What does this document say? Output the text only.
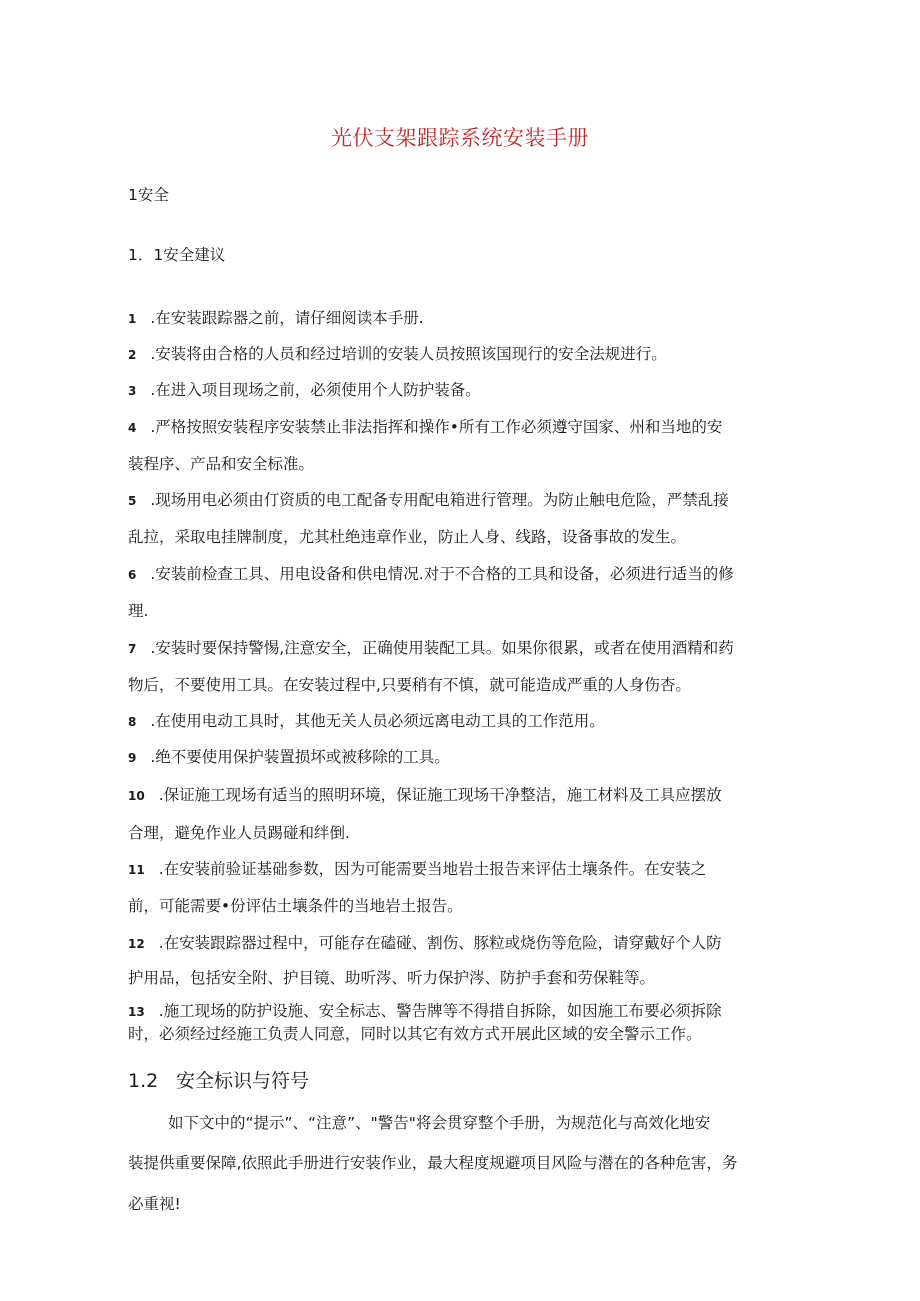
光伏支架跟踪系统安装手册
1安全
1．1安全建议

1 .在安装跟踪器之前，请仔细阅读本手册.

2 .安装将由合格的人员和经过培训的安装人员按照该国现行的安全法规进行。

3 .在进入项目现场之前，必须使用个人防护装备。

4 .严格按照安装程序安装禁止非法指挥和操作•所有工作必须遵守国家、州和当地的安

装程序、产品和安全标准。

5 .现场用电必须由仃资质的电工配备专用配电箱进行管理。为防止触电危险，严禁乱接

乱拉，采取电挂牌制度，尤其杜绝违章作业，防止人身、线路，设备事故的发生。

6 .安装前检查工具、用电设备和供电情况.对于不合格的工具和设备，必须进行适当的修

理.

7 .安装时要保持警惕,注意安全，正确使用装配工具。如果你很累，或者在使用酒精和药

物后，不要使用工具。在安装过程中,只要稍有不慎，就可能造成严重的人身伤杏。

8 .在使用电动工具时，其他无关人员必须远离电动工具的工作范用。

9 .绝不要使用保护装置损坏或被移除的工具。

10 .保证施工现场有适当的照明环境，保证施工现场干净整洁，施工材料及工具应摆放

合理，避免作业人员踢碰和绊倒.

11 .在安装前验证基础参数，因为可能需要当地岩土报告来评估土壤条件。在安装之

前，可能需要•份评估土壤条件的当地岩土报告。

12 .在安装跟踪器过程中，可能存在磕碰、割伤、豚粒或烧伤等危险，请穿戴好个人防

护用品，包括安全附、护目镜、助听涔、听力保护涔、防护手套和劳保鞋等。

13 .施工现场的防护设施、安全标志、警告牌等不得措自拆除，如因施工布要必须拆除

时，必须经过经施工负责人同意，同时以其它有效方式开展此区域的安全警示工作。

1.2 安全标识与符号

如下文中的“提示”、“注意”、"警告"将会贯穿整个手册，为规范化与高效化地安

装提供重要保障,依照此手册进行安装作业，最大程度规避项目风险与潜在的各种危害，务

必重视!
